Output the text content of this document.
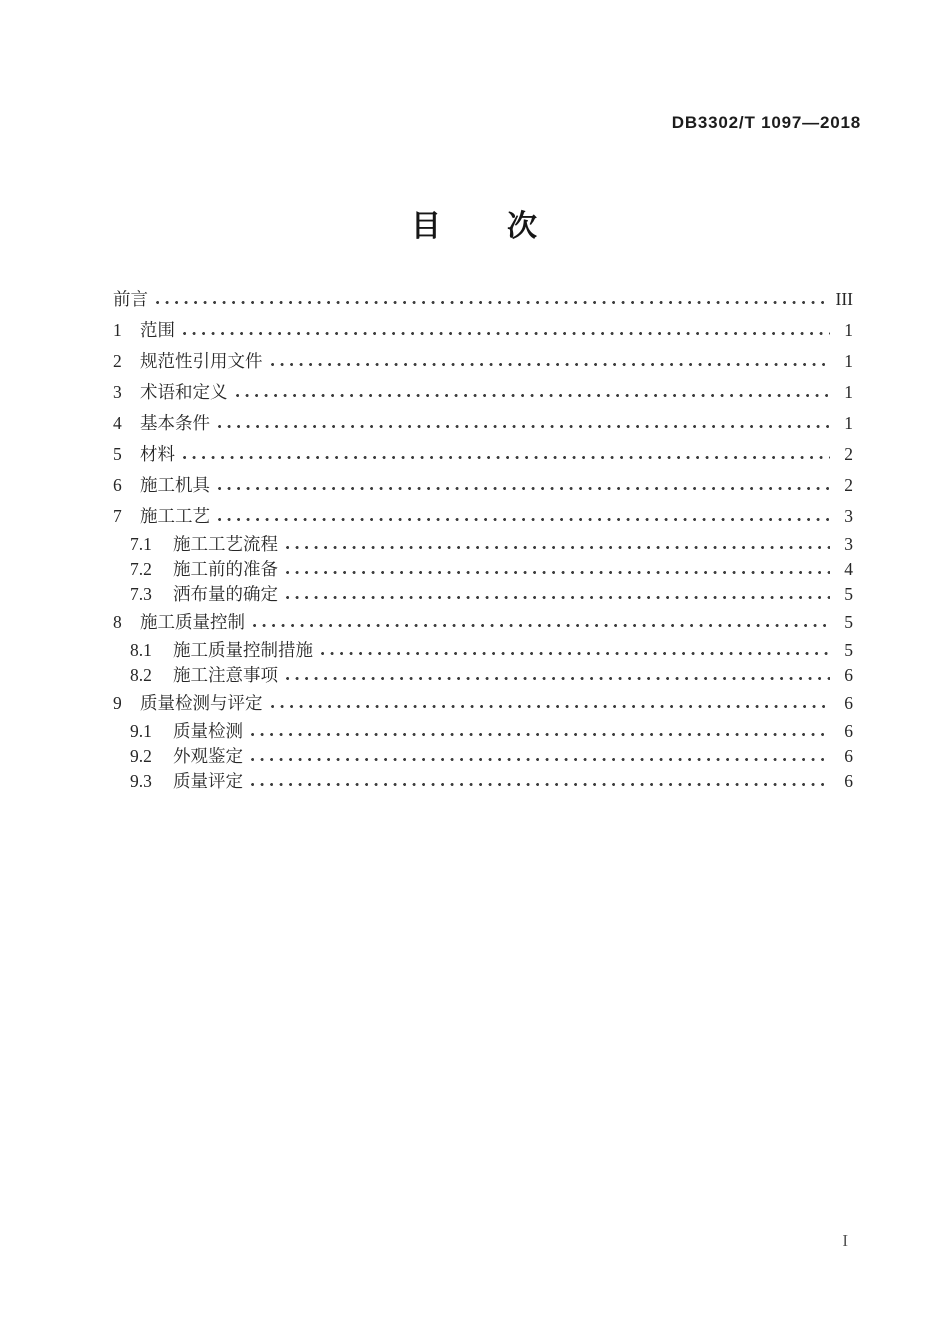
DB3302/T 1097—2018
目　　次
前言	III
1	范围	1
2	规范性引用文件	1
3	术语和定义	1
4	基本条件	1
5	材料	2
6	施工机具	2
7	施工工艺	3
7.1	施工工艺流程	3
7.2	施工前的准备	4
7.3	洒布量的确定	5
8	施工质量控制	5
8.1	施工质量控制措施	5
8.2	施工注意事项	6
9	质量检测与评定	6
9.1	质量检测	6
9.2	外观鉴定	6
9.3	质量评定	6
I
